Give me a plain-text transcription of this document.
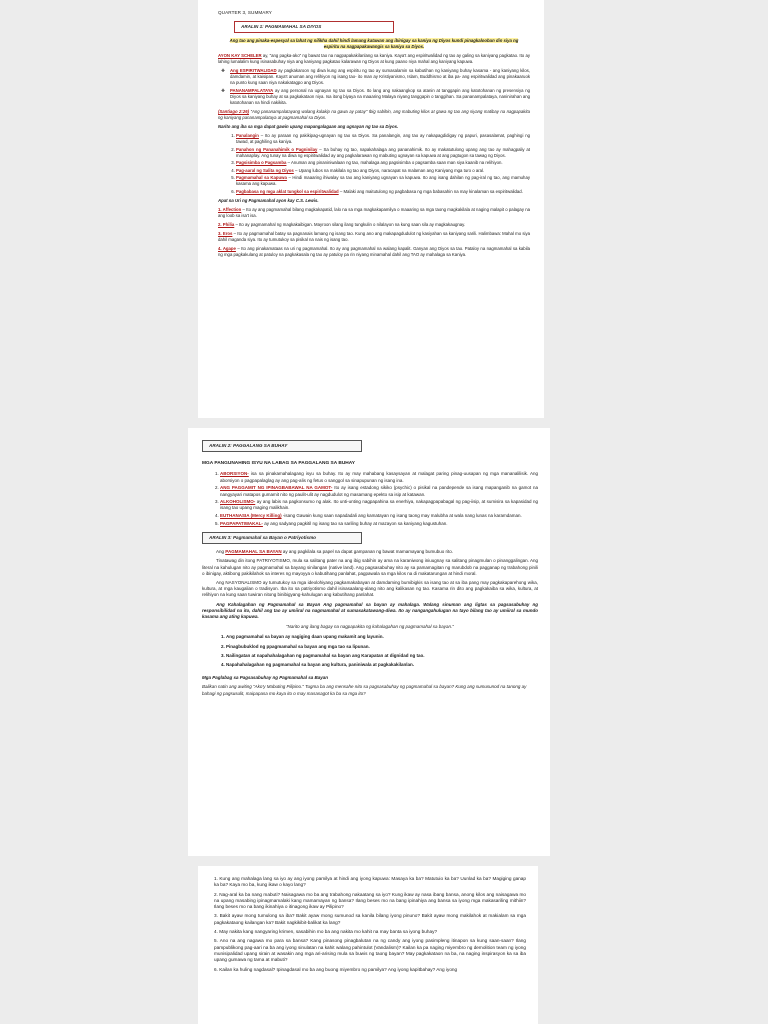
QUARTER 3, SUMMARY
ARALIN 1: PAGMAMAHAL SA DIYOS

Ang tao ang pinaka-espesyal sa lahat ng nilikha dahil hindi lamang katawan ang ibinigay sa kaniya ng Diyos kundi pinagkalooban din siya ng espiritu na nagpapakawangis sa kaniya sa Diyos.

AYON KAY SCHELER ay, "ang pagka-ako" ng bawat tao na nagpapakakilanlang sa kaniya. Kaya't ang espiritwalidad ng tao ay galing sa kaniyang pagkatao. Ito ay lahing lumalalim kung isinasabuhay niya ang kaniyang pagkatao kalarawan ng Diyos at kung paano niya mahal ang kaniyang kapuwa.

❖ Ang ESPIRITWALIDAD ay pagkakaroon ng diwa kung ang espiritu ng tao ay sumasalamin sa kabutihan ng kaniyang buhay kasama - ang kaniyang kilos, damdamin, at kaisipan. Kaya't anuman ang relihiyon ng isang tao- ito man ay Kristiyanismo, Islam, Buddhismo at iba pa- ang espiritwalidad ang pinakaaruok na punto kung saan niya nakakatagpo ang Diyos.
❖ PANANAMPALATAYA ay ang personal na ugnayan ng tao sa Diyos. Ito lang ang nakaangkop sa atanin at tanggapin ang katotohanan ng presensiya ng Diyos sa kaniyang buhay at sa pagkakataon niya. Isa itong biyaya na maaaring Malaya niyang tanggapin o tanggihan. Sa pananampalataya, naninirahan ang katotohanan na hindi nakikita.

(Santiago 2:26) "Ang pananampalatayang walang kalakip na gawa ay patay" Ibig sabihin, ang mabuting kilos at gawa ng tao ang siyang matibay na nagpapakita ng kaniyang pananampalataya at pagmamahal sa Diyos.

Narito ang iba sa mga dapat gawin upang mapangalagaan ang ugnayan ng tao sa Diyos.

1. Panalangin – Ito ay paraan ng pakikipag-ugnayan ng tao sa Diyos. Sa panalangin, ang tao ay nakapagdidigay ng papuri, pasasalamat, paghingi ng tawad, at paghiling sa kaniya.
2. Panahon ng Pananahimik o Pagninilay – Sa buhay ng tao, napakahalaga ang pananahimik. Ito ay makatutulong upang ang tao ay mahagpaliy at mahanaplay. Ang tunay na diwa ng espiritwalidad ay ang pagkalarawan ng mabuting ugnayan sa kapuwa at ang pagtugon sa tawag ng Diyos.
3. Pagsisimba o Pagsamba – Anuman ang pinaniniwalaan ng tao, mahalaga ang pagsisimba o pagsamba saan man siya kaanib na relihiyon.
4. Pag-aaral ng Salita ng Diyos – Upang lubos na makilala ng tao ang Diyos, naracapat na malaman ang Kaniyang mga turo o aral.
5. Pagmamahal sa Kapuwa – Hindi maaaring ihiwalay sa tao ang kaniyang ugnayan sa kapuwa. Ito ang isang dahilan ng pag-iral ng tao, ang mamuhay kasama ang kapuwa.
6. Pagbabasa ng mga aklat tungkol sa espiritwalidad – Malaki ang maitutulong ng pagbabasa ng mga babasahin na may kinalaman sa espiritwalidad.

Apat na Uri ng Pagmamahal ayon kay C.S. Lewis.

1. Affection – Ito ay ang pagmamahal bilang magkakapatid, lalo na sa mga magkakapamilya o maaaring sa mga taong magkakilala at naging malapit o palagay na ang loob sa isa't isa.

2. Philia – Ito ay pagmamahal ng magkakaibigan. Mayroon silang ilang tungkulin o nilalayon na kung saan sila ay magkakaugnay.

3. Eros – Ito ay pagmamahal batay sa pagnanais lamang ng isang tao. Kung ano ang makapagdudulot ng kasiyahan sa kaniyang sarili. Halimbawa: Mahal mo siya dahil maganda siya. Ito ay tumutukoy sa pisikal na nais ng isang tao.

4. Agape – Ito ang pinakamataas na uri ng pagmamahal. Ito ay ang pagmamahal na walang kapalit. Ganyan ang Diyos sa tao. Pataloy na nagmamahal sa kabila ng mga pagkakulang at patuloy na pagkakasala ng tao ay patuloy pa rin niyang minamahal dahil ang TAO ay mahalaga sa Kaniya.

ARALIN 2: PAGGALANG SA BUHAY
MGA PANGUNAHING ISYU NA LABAG SA PAGGALANG SA BUHAY
1. ABORSIYON- isa sa pinakamahalagang isyu sa buhay. Ito ay may mahabang kasaysayan at malagat paring pinag-uusapan ng mga mananalilisik. Ang aborsiyon o pagpapalaglag ay ang pag-alis ng fetus o sanggol sa sinapupunan ng isang ina.
2. ANG PAGGAMIT NG IPINAGBABAWAL NA GAMOT- Ito ay isang estadong sikiko (psychic) o pisikal na pandepende sa isang mapanganib na gamot na nangyayari matapos gumamit nito ng paulit-ulit ay nagdudulot ng masamang epekto sa isip at katawan.
3. ALKOHOLISMO- ay ang labis na pagkonsumo ng alak. Ito unti-unting nagpapahina sa enerhiya, nakapagpapabagal ng pag-iisip, at sumisira sa kapasidad ng isang tao upang maging malikhain.
4. EUTHANASIA (Mercy Killing) -isang Gawain kung saan napadadali ang kamatayan ng isang taong may malubha at wala nang lunas na karamdaman.
5. PAGPAPATIWAKAL- ay ang sadyang pagkitil ng isang tao sa sariling buhay at mazayon sa kaniyang kagustuhan.
ARALIN 3: Pagmamahal sa Bayan o Patriyotismo

Ang PAGMAMAHAL SA BAYAN ay ang pagkilala sa papel na dapat gampanan ng bawat mamamayang bumubuo rito.

Tinatawag din itong PATRIYOTISMO, mula sa salitang pater na ang ibig sabihin ay ama na karaniwong iniuugnay sa salitang pinagmulan o pinanggalingan. Ang literal na kahulugan nito ay pagmamahal sa bayang sinilangan (native land). Ang pagsasabuhay nito ay sa pamamagitan ng marubdob na pagganap ng trabahong pinili o ibinigay, aktibong pakikilahok sa interes ng mayoyya o kabutihang panlahat, pagpawala sa mga kilos na di makatarungan at hindi moral.

Ang NASYONALISMO ay tumutukoy sa mga ideolohiyang pagkamakabayan at damdaming bumibigkis sa isang tao at sa iba pang may pagkakaparehong wika, kultura, at mga kaugalian o tradisyon. Iba ito sa patriyotismo dahil isinasaalang-alang nito ang kalikasan ng tao. Kasama rin dito ang pagkakaiba sa wika, kultura, at relihiyon na kung saan tuwiran nitong binibigyang-kahulugan ang kabutihang panlahat.

Ang Kahalagahan ng Pagmamahal sa Bayan Ang pagmamahal sa bayan ay mahalaga. Walang sinuman ang ligtas sa pagsasabuhay ng responsibilidad na ito, dahil ang tao ay umiiral na nagmamahal at sumasakatawang-diwa. Ito ay nangangahulugan na tayo bilang tao ay umiiral sa mundo kasama ang ating kapuwa.

"Narito ang ilang bagay na nagpapakita ng kahalagahan ng pagmamahal sa bayan."

1. Ang pagmamahal sa bayan ay nagiging daan upang makamit ang layunin.
2. Pinagbubuklod ng ppagmamahal sa bayan ang mga tao sa lipunan.
3. Nailingatan at napahahalagahan ng pagmamahal sa bayan ang Karapatan at dignidad ng tao.
4. Napahahalagahan ng pagmamahal sa bayan ang kultura, paniniwala at pagkakakilanlan.

Mga Paglabag sa Pagsasabuhay ng Pagmamahal sa Bayan

Balikan natin ang awiting "Ako'y Mabuting Pilipino." Tugma ba ang mensahe nito sa pagsasabuhay ng pagmamahal sa bayan? Kung ang sumusunod na tanong ay bahagi ng pagsusulit, maipapasa mo kaya ito o may masasagot ka ba sa mga ito?

1. Kung ang mahalaga lang sa iyo ay ang iyong pamilya at hindi ang iyong kapuwa: Masaya ka ba? Matutuio ka ba? Uunlad ka ba? Magiging ganap ka ba? Kaya mo ba, kung ikaw o kayo lang?

2. Nag-aral ka ba nang mabuti? Naisagawa mo ba ang trabahong nakaatang sa iyo? Kung ikaw ay nasa ibang bansa, anong kilos ang naisagawa mo na upang masabing ipinagmamalaki kang mamamayan ng bansa? Ilang beses mo na bang ipinahiya ang bansa sa iyong mga makasariling mithiin? Ilang beses mo na bang ikinahiya o itinagong ikaw ay Pilipino?

3. Bakit ayaw mong tumulong sa iba? Bakit ayaw mong sumunod sa kanila bilang iyong pinuno? Bakit ayaw mong makilahok at makialam sa mga pagkakataong kailangan ka? Bakit nagkikibit-balikat ka lang?

4. May nakita kang nangyaring krimen, sasabihin mo ba ang nakita mo kahit na may banta sa iyong buhay?

5. Ano na ang nagawa mo para sa bansa? Kang pinasong pinagbalutan na ng candy ang iyong pasimpleng itinapon sa kung saan-saan? Ilang pampublikong pag-aari na ba ang iyong sinulatan na kahit walang pahintulot (Vandalism)? Kailan ka pa naging miyembro ng demolition team ng iyong munisipalidad upang sirain at wasakin ang mga ari-arising mula sa buwis ng taong bayan? May pagkakataon na ba, na naging inspirasyon ka sa iba upang gumawa ng tama at mabuti?

6. Kailan ka huling nagdasal? Ipinagdasal mo ba ang buong miyembro ng pamilya? Ang iyong kapitbahay? Ang iyong
